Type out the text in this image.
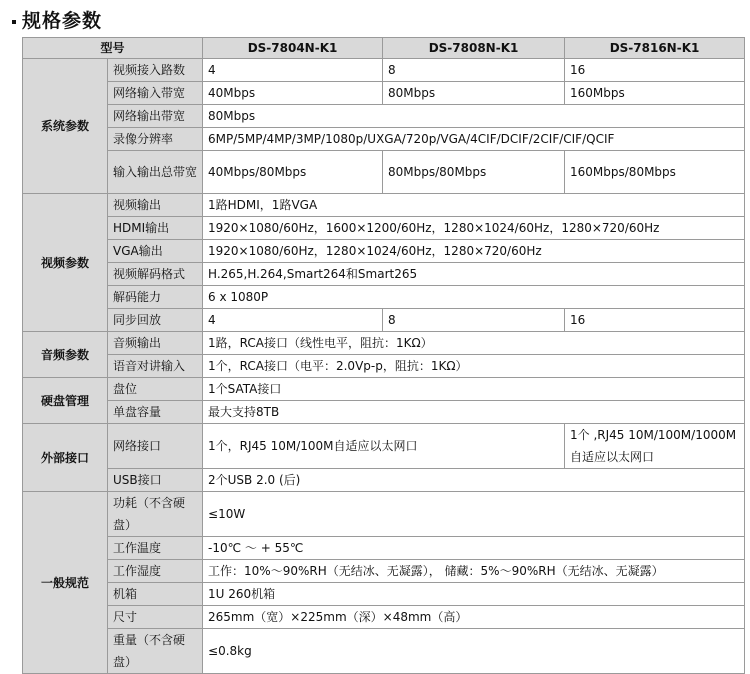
规格参数
型号		DS-7804N-K1	DS-7808N-K1	DS-7816N-K1
系统参数	视频接入路数	4	8	16
	网络输入带宽	40Mbps	80Mbps	160Mbps
	网络输出带宽	80Mbps		
	录像分辨率	6MP/5MP/4MP/3MP/1080p/UXGA/720p/VGA/4CIF/DCIF/2CIF/CIF/QCIF		
	输入输出总带宽	40Mbps/80Mbps	80Mbps/80Mbps	160Mbps/80Mbps
视频参数	视频输出	1路HDMI，1路VGA		
	HDMI输出	1920×1080/60Hz，1600×1200/60Hz，1280×1024/60Hz，1280×720/60Hz		
	VGA输出	1920×1080/60Hz，1280×1024/60Hz，1280×720/60Hz		
	视频解码格式	H.265,H.264,Smart264和Smart265		
	解码能力	6 x 1080P		
	同步回放	4	8	16
音频参数	音频输出	1路，RCA接口（线性电平，阻抗：1KΩ）		
	语音对讲输入	1个，RCA接口（电平：2.0Vp-p，阻抗：1KΩ）		
硬盘管理	盘位	1个SATA接口		
	单盘容量	最大支持8TB		
外部接口	网络接口	1个，RJ45 10M/100M自适应以太网口		1个 ,RJ45 10M/100M/1000M自适应以太网口
	USB接口	2个USB 2.0 (后)		
一般规范	功耗（不含硬盘）	≤10W		
	工作温度	-10℃ ～ + 55℃		
	工作湿度	工作：10%～90%RH（无结冰、无凝露）， 储藏：5%～90%RH（无结冰、无凝露）		
	机箱	1U 260机箱		
	尺寸	265mm（宽）×225mm（深）×48mm（高）		
	重量（不含硬盘）	≤0.8kg		
